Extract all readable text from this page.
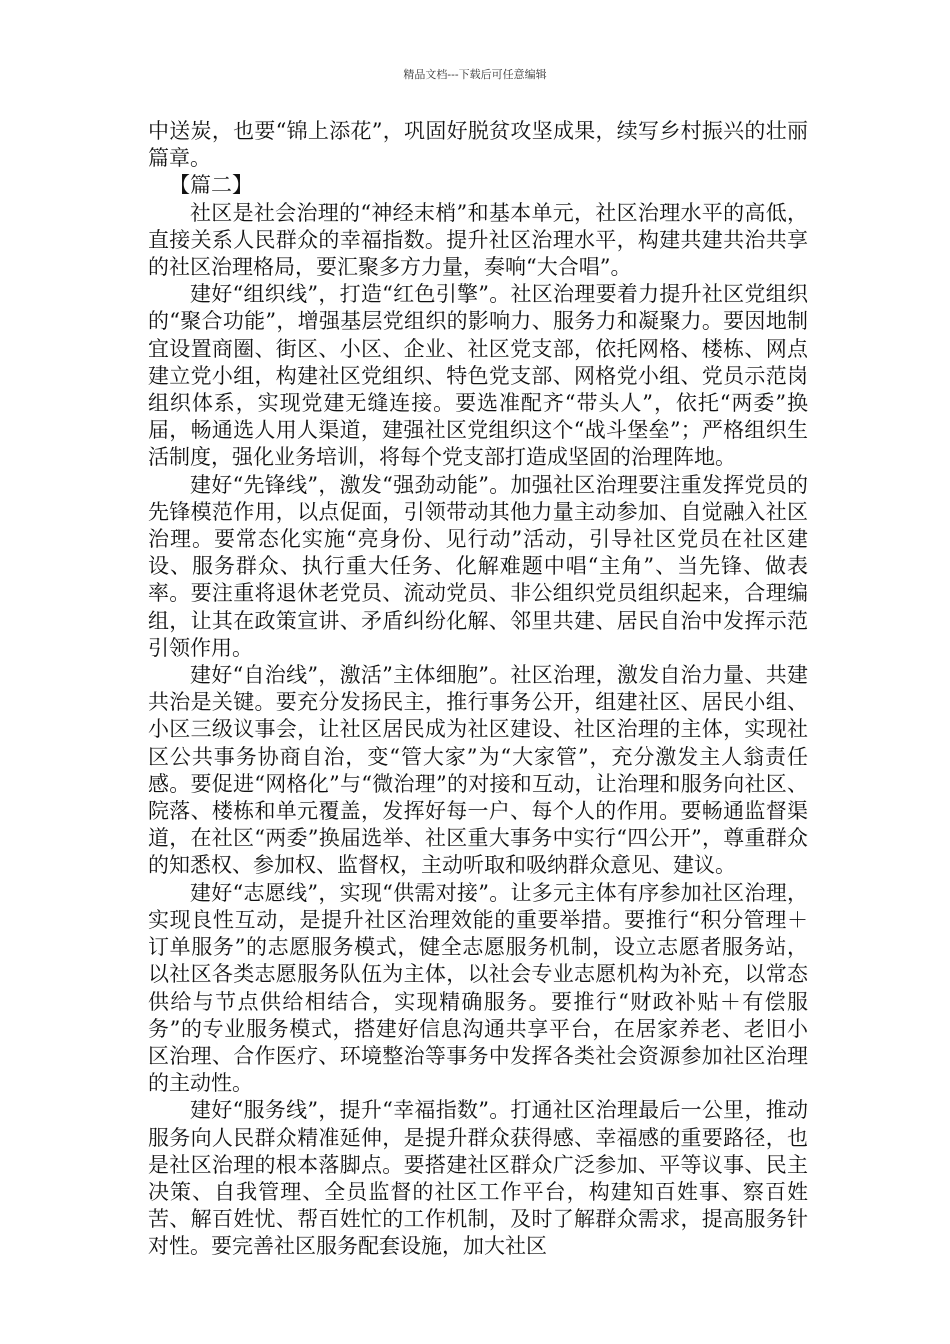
精品文档---下载后可任意编辑

中送炭，也要“锦上添花”，巩固好脱贫攻坚成果，续写乡村振兴的壮丽篇章。

【篇二】

社区是社会治理的“神经末梢”和基本单元，社区治理水平的高低，直接关系人民群众的幸福指数。提升社区治理水平，构建共建共治共享的社区治理格局，要汇聚多方力量，奏响“大合唱”。

建好“组织线”，打造“红色引擎”。社区治理要着力提升社区党组织的“聚合功能”，增强基层党组织的影响力、服务力和凝聚力。要因地制宜设置商圈、街区、小区、企业、社区党支部，依托网格、楼栋、网点建立党小组，构建社区党组织、特色党支部、网格党小组、党员示范岗组织体系，实现党建无缝连接。要选准配齐“带头人”，依托“两委”换届，畅通选人用人渠道，建强社区党组织这个“战斗堡垒”；严格组织生活制度，强化业务培训，将每个党支部打造成坚固的治理阵地。

建好“先锋线”，激发“强劲动能”。加强社区治理要注重发挥党员的先锋模范作用，以点促面，引领带动其他力量主动参加、自觉融入社区治理。要常态化实施“亮身份、见行动”活动，引导社区党员在社区建设、服务群众、执行重大任务、化解难题中唱“主角”、当先锋、做表率。要注重将退休老党员、流动党员、非公组织党员组织起来，合理编组，让其在政策宣讲、矛盾纠纷化解、邻里共建、居民自治中发挥示范引领作用。

建好“自治线”，激活”主体细胞”。社区治理，激发自治力量、共建共治是关键。要充分发扬民主，推行事务公开，组建社区、居民小组、小区三级议事会，让社区居民成为社区建设、社区治理的主体，实现社区公共事务协商自治，变“管大家”为“大家管”，充分激发主人翁责任感。要促进“网格化”与“微治理”的对接和互动，让治理和服务向社区、院落、楼栋和单元覆盖，发挥好每一户、每个人的作用。要畅通监督渠道，在社区“两委”换届选举、社区重大事务中实行“四公开”，尊重群众的知悉权、参加权、监督权，主动听取和吸纳群众意见、建议。

建好“志愿线”，实现“供需对接”。让多元主体有序参加社区治理，实现良性互动，是提升社区治理效能的重要举措。要推行“积分管理＋订单服务”的志愿服务模式，健全志愿服务机制，设立志愿者服务站，以社区各类志愿服务队伍为主体，以社会专业志愿机构为补充，以常态供给与节点供给相结合，实现精确服务。要推行“财政补贴＋有偿服务”的专业服务模式，搭建好信息沟通共享平台，在居家养老、老旧小区治理、合作医疗、环境整治等事务中发挥各类社会资源参加社区治理的主动性。

建好“服务线”，提升“幸福指数”。打通社区治理最后一公里，推动服务向人民群众精准延伸，是提升群众获得感、幸福感的重要路径，也是社区治理的根本落脚点。要搭建社区群众广泛参加、平等议事、民主决策、自我管理、全员监督的社区工作平台，构建知百姓事、察百姓苦、解百姓忧、帮百姓忙的工作机制，及时了解群众需求，提高服务针对性。要完善社区服务配套设施，加大社区
